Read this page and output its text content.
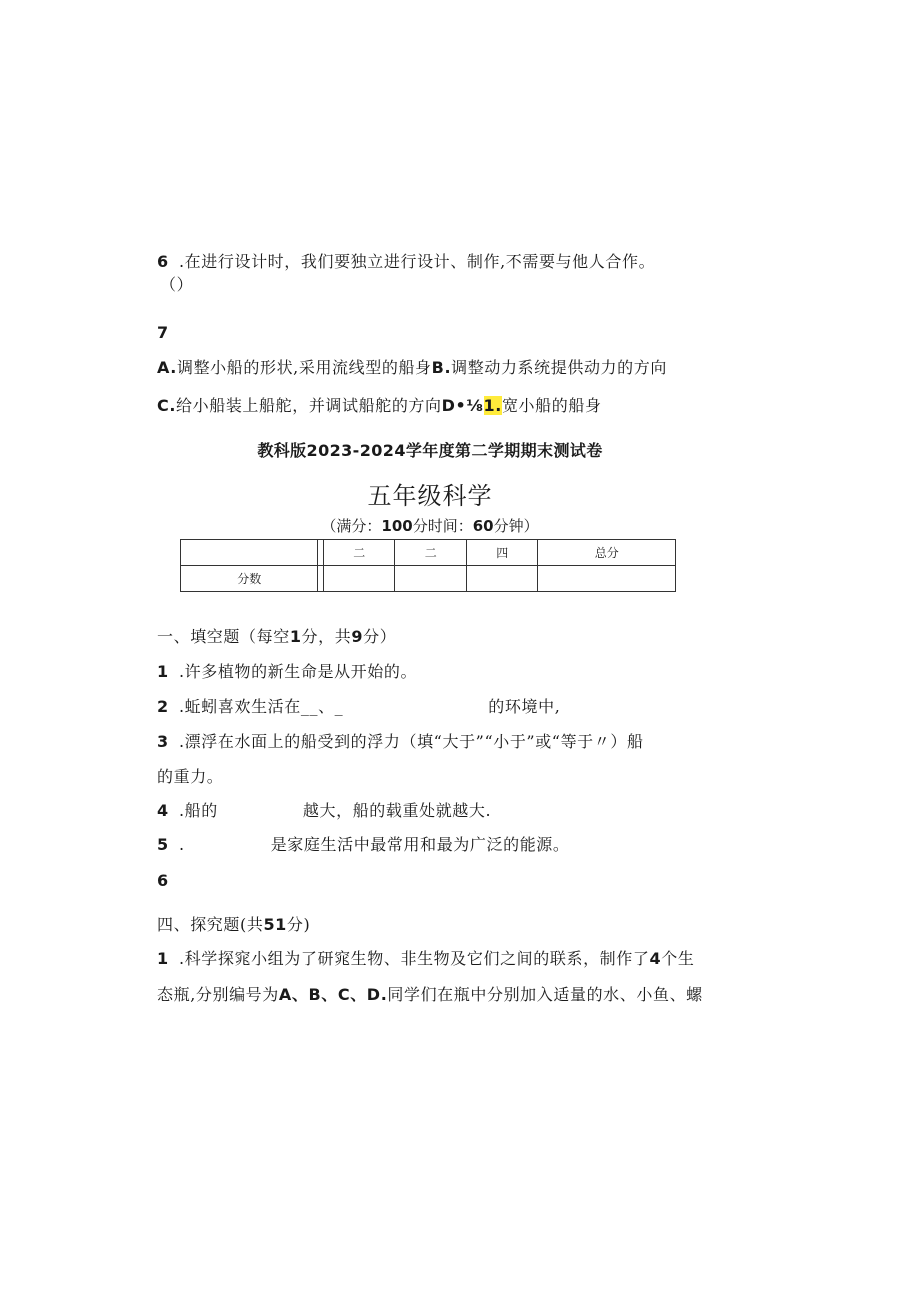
6 .在进行设计时，我们要独立进行设计、制作,不需要与他人合作。
（）
7
A.调整小船的形状,采用流线型的船身B.调整动力系统提供动力的方向
C.给小船装上船舵，并调试船舵的方向D•⅛1.宽小船的船身
教科版2023-2024学年度第二学期期末测试卷
五年级科学
（满分：100分时间：60分钟）
		二	二	四	总分
分数					
一、填空题（每空1分，共9分）
1 .许多植物的新生命是从开始的。
2 .蚯蚓喜欢生活在__、_	的环境中,
3 .漂浮在水面上的船受到的浮力（填“大于”“小于”或“等于〃）船
的重力。
4 .船的	越大，船的载重处就越大.
5 .	是家庭生活中最常用和最为广泛的能源。
6
四、探究题(共51分)
1 .科学探窕小组为了研窕生物、非生物及它们之间的联系，制作了4个生
态瓶,分别编号为A、B、C、D.同学们在瓶中分别加入适量的水、小鱼、螺
